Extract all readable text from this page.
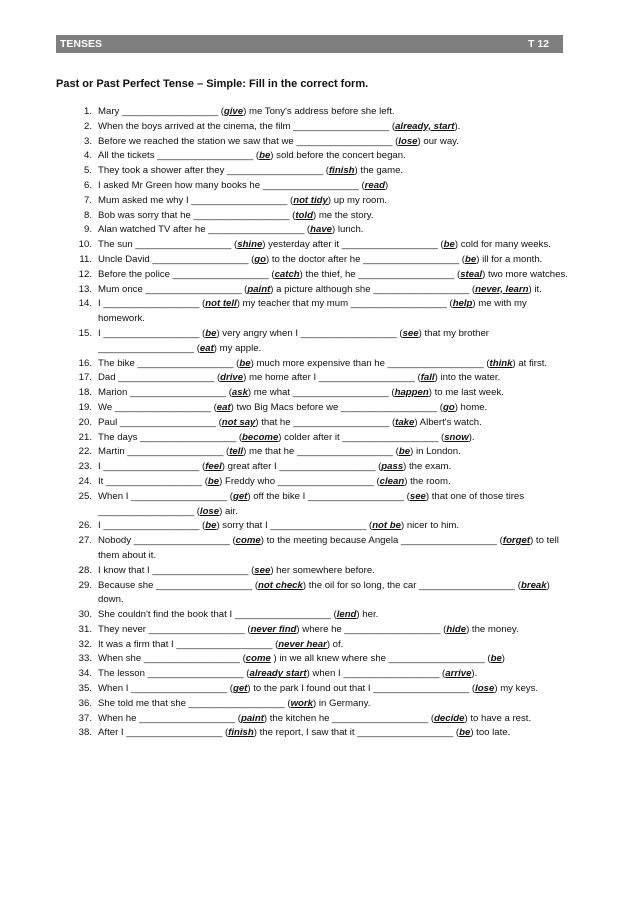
TENSES	T 12
Past or Past Perfect Tense – Simple: Fill in the correct form.
1. Mary __________________ (give) me Tony's address before she left.
2. When the boys arrived at the cinema, the film __________________ (already, start).
3. Before we reached the station we saw that we __________________ (lose) our way.
4. All the tickets __________________ (be) sold before the concert began.
5. They took a shower after they __________________ (finish) the game.
6. I asked Mr Green how many books he __________________ (read)
7. Mum asked me why I __________________ (not tidy) up my room.
8. Bob was sorry that he __________________ (told) me the story.
9. Alan watched TV after he __________________ (have) lunch.
10. The sun __________________ (shine) yesterday after it __________________ (be) cold for many weeks.
11. Uncle David __________________ (go) to the doctor after he __________________ (be) ill for a month.
12. Before the police __________________ (catch) the thief, he __________________ (steal) two more watches.
13. Mum once __________________ (paint) a picture although she __________________ (never, learn) it.
14. I __________________ (not tell) my teacher that my mum __________________ (help) me with my homework.
15. I __________________ (be) very angry when I __________________ (see) that my brother __________________ (eat) my apple.
16. The bike __________________ (be) much more expensive than he __________________ (think) at first.
17. Dad __________________ (drive) me home after I __________________ (fall) into the water.
18. Marion __________________ (ask) me what __________________ (happen) to me last week.
19. We __________________ (eat) two Big Macs before we __________________ (go) home.
20. Paul __________________ (not say) that he __________________ (take) Albert's watch.
21. The days __________________ (become) colder after it __________________ (snow).
22. Martin __________________ (tell) me that he __________________ (be) in London.
23. I __________________ (feel) great after I __________________ (pass) the exam.
24. It __________________ (be) Freddy who __________________ (clean) the room.
25. When I __________________ (get) off the bike I __________________ (see) that one of those tires __________________ (lose) air.
26. I __________________ (be) sorry that I __________________ (not be) nicer to him.
27. Nobody __________________ (come) to the meeting because Angela __________________ (forget) to tell them about it.
28. I know that I __________________ (see) her somewhere before.
29. Because she __________________ (not check) the oil for so long, the car __________________ (break) down.
30. She couldn't find the book that I __________________ (lend) her.
31. They never __________________ (never find) where he __________________ (hide) the money.
32. It was a firm that I __________________ (never hear) of.
33. When she __________________ (come ) in we all knew where she __________________ (be)
34. The lesson __________________ (already start) when I __________________ (arrive).
35. When I __________________ (get) to the park I found out that I __________________ (lose) my keys.
36. She told me that she __________________ (work) in Germany.
37. When he __________________ (paint) the kitchen he __________________ (decide) to have a rest.
38. After I __________________ (finish) the report, I saw that it __________________ (be) too late.
